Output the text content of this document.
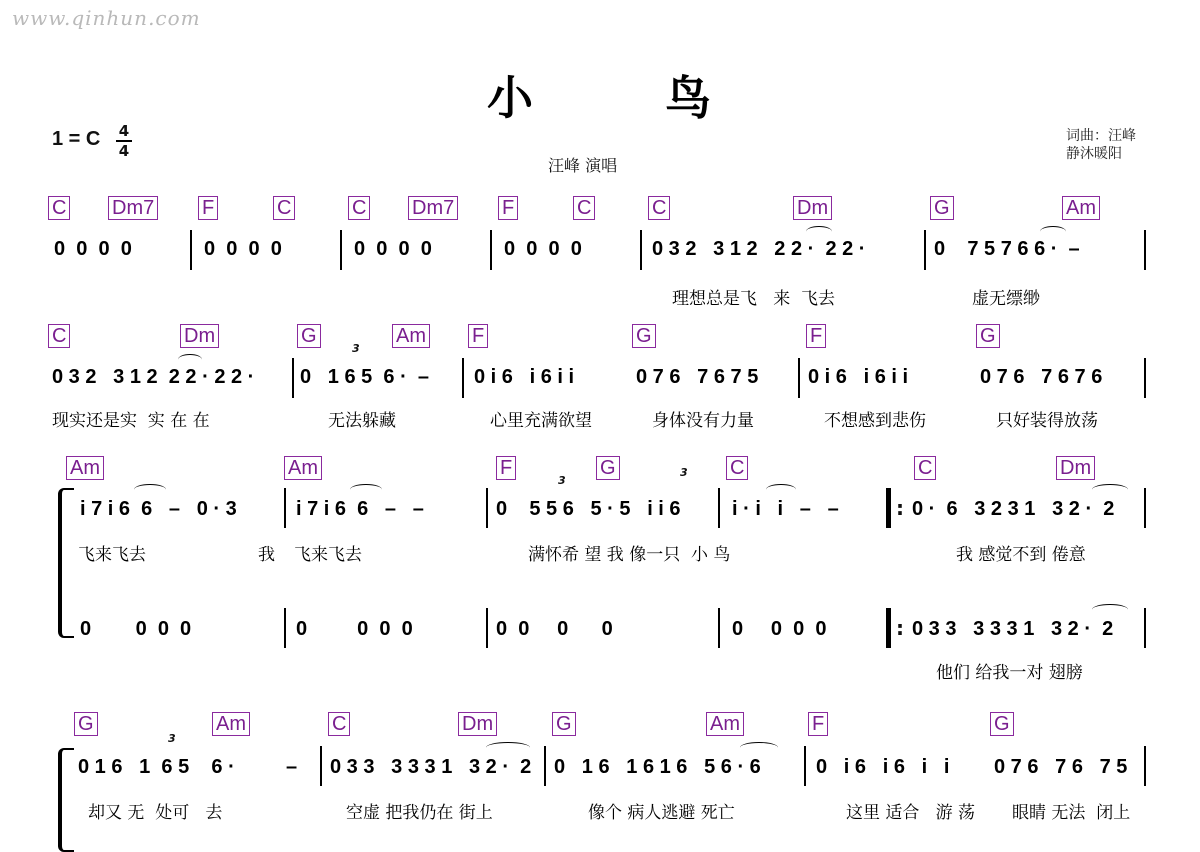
www.qinhun.com
小	鸟
1 = C 4
4
汪峰 演唱
词曲：汪峰
静沐暖阳
C Dm7 F	C	C Dm7 F	C	C	Dm	G	Am
0  0  0  0	0  0  0  0	0  0  0  0	0  0  0  0	0 3 2   3 1 2   2 2 ·  2 2 ·	0    7 5 7 6 6 ·  –
理想总是飞   来  飞去	虚无缥缈
C	Dm	G	Am F	G	F	G
0 3 2   3 1 2  2 2 · 2 2 · 0   1 6 5  6 ·  –
3
0 i 6   i 6 i i	0 7 6   7 6 7 5 0 i 6   i 6 i i	0 7 6   7 6 7 6
现实还是实  实 在 在	无法躲藏	心里充满欲望	身体没有力量	不想感到悲伤	只好装得放荡
Am	Am	F	G	C	C	Dm
i 7 i 6  6   –   0 · 3	i 7 i 6  6   –   –	0    5 5 6   5 · 5   i i 6
3
3
i · i   i   –   –	: 0 ·  6   3 2 3 1   3 2 ·  2
飞来飞去	我 飞来飞去	满怀希 望 我 像一只  小 鸟	我 感觉不到 倦意
0        0  0  0	0         0  0  0	0  0     0      0	0     0  0  0	: 0 3 3   3 3 3 1   3 2 ·  2
他们 给我一对 翅膀
G	Am	C	Dm	G	Am	F	G
0 1 6   1  6 5    6 ·
3
– 0 3 3   3 3 3 1   3 2 ·  2 0   1 6   1 6 1 6   5 6 · 6	0   i 6   i 6   i   i 0 7 6   7 6   7 5
却又 无  处可   去	空虚 把我仍在 街上	像个 病人逃避 死亡	这里 适合   游 荡 眼睛 无法  闭上
